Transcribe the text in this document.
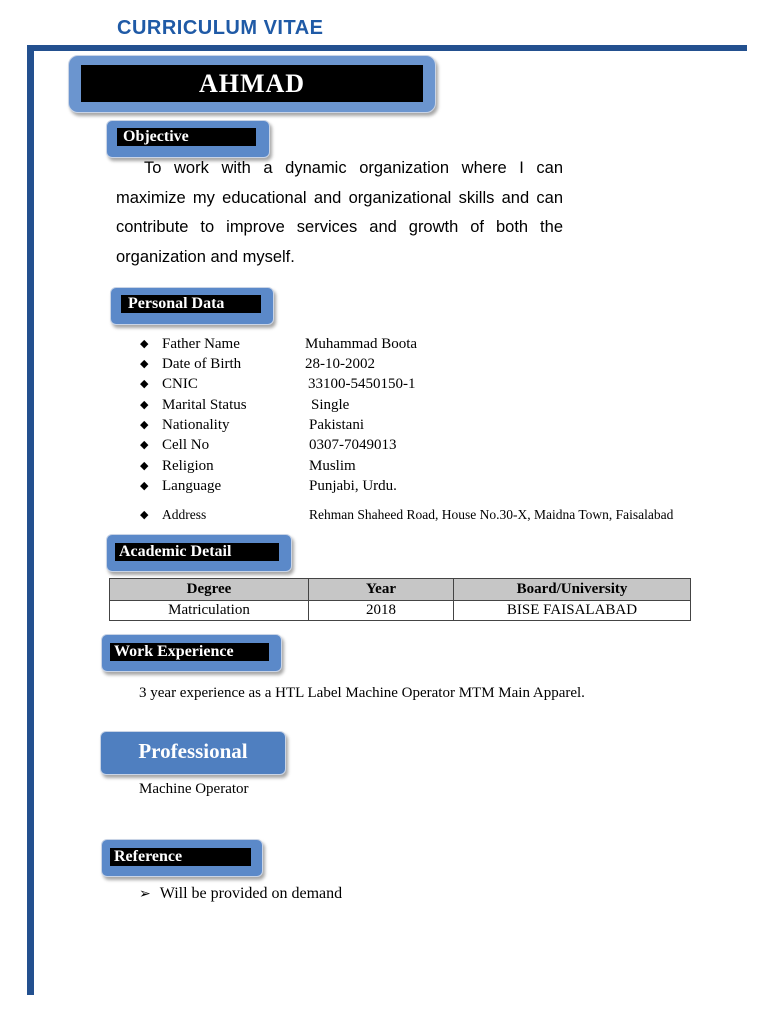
CURRICULUM VITAE
AHMAD
Objective
To work with a dynamic organization where I can maximize my educational and organizational skills and can contribute to improve services and growth of both the organization and myself.
Personal Data
◆ Father Name	Muhammad Boota
◆ Date of Birth	28-10-2002
◆ CNIC	33100-5450150-1
◆ Marital Status	Single
◆ Nationality	Pakistani
◆ Cell No	0307-7049013
◆ Religion	Muslim
◆ Language	Punjabi, Urdu.
◆ Address	Rehman Shaheed Road, House No.30-X, Maidna Town, Faisalabad
Academic Detail
Degree	Year	Board/University
Matriculation	2018	BISE FAISALABAD
Work Experience
3 year experience as a HTL Label Machine Operator MTM Main Apparel.
Professional
Machine Operator
Reference
➢ Will be provided on demand
